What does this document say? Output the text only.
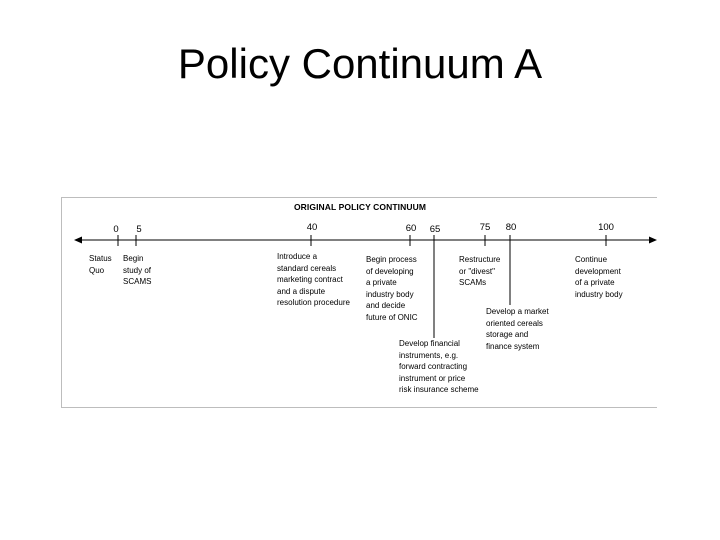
Policy Continuum A
ORIGINAL POLICY CONTINUUM
0 5	40	60 65	75 80	100
Status
Quo
Begin
study of
SCAMS
Introduce a
standard cereals
marketing contract
and a dispute
resolution procedure
Begin process
of developing
a private
industry body
and decide
future of ONIC
Develop financial
instruments, e.g.
forward contracting
instrument or price
risk insurance scheme
Restructure
or "divest"
SCAMs
Develop a market
oriented cereals
storage and
finance system
Continue
development
of a private
industry body
